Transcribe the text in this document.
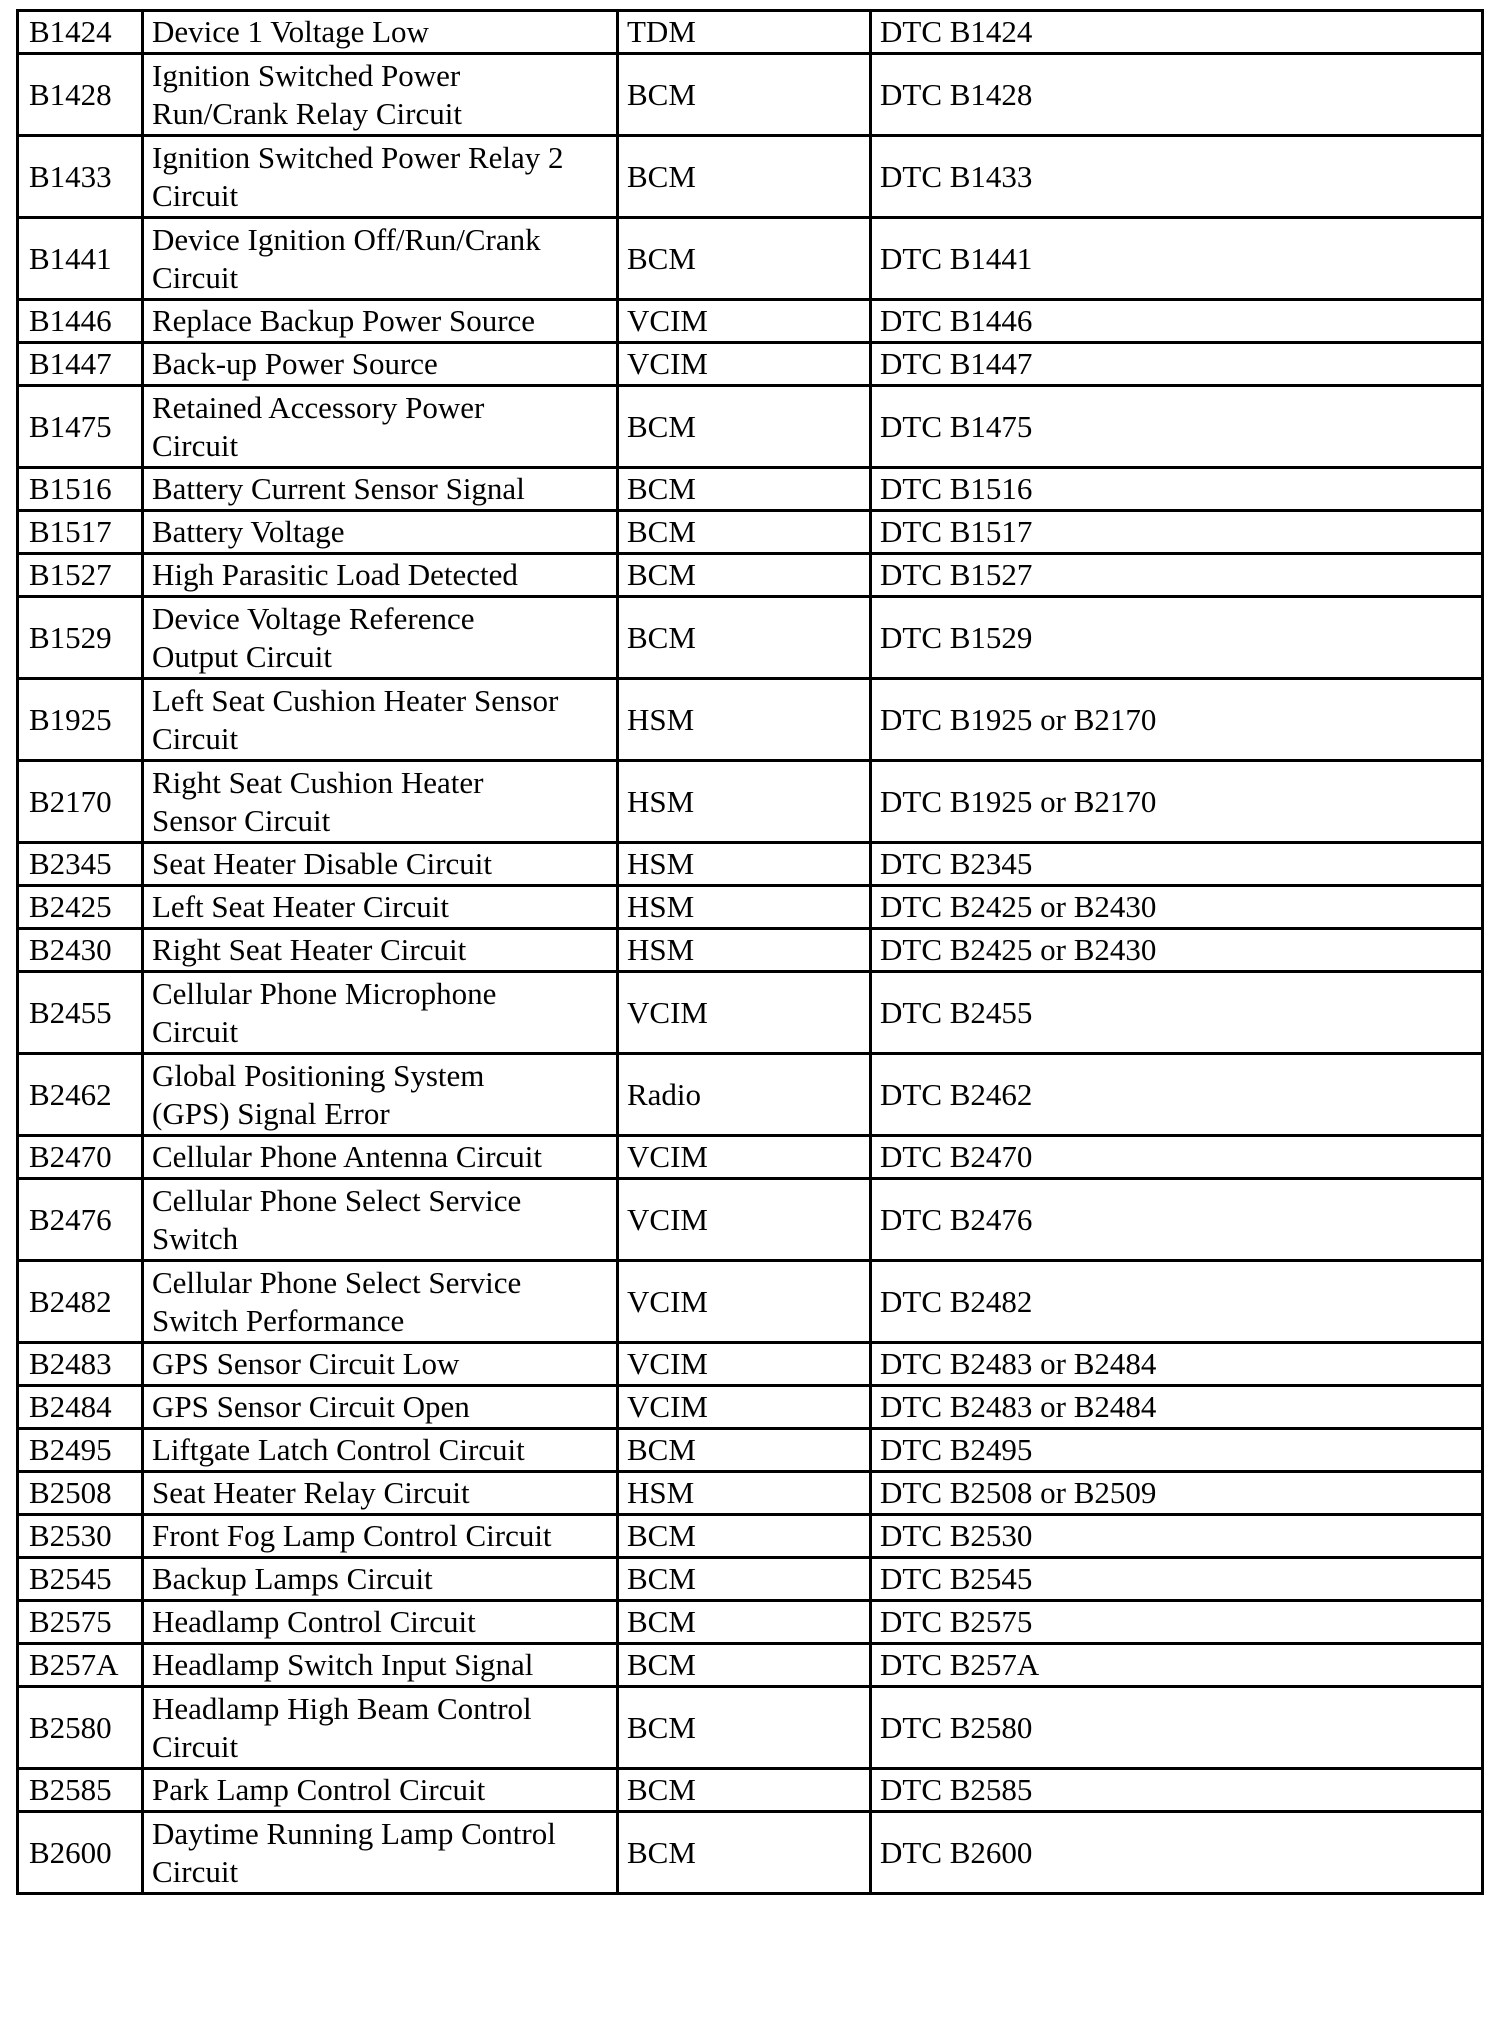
B1424	Device 1 Voltage Low	TDM	DTC B1424
B1428	Ignition Switched Power
Run/Crank Relay Circuit	BCM	DTC B1428
B1433	Ignition Switched Power Relay 2
Circuit	BCM	DTC B1433
B1441	Device Ignition Off/Run/Crank
Circuit	BCM	DTC B1441
B1446	Replace Backup Power Source	VCIM	DTC B1446
B1447	Back-up Power Source	VCIM	DTC B1447
B1475	Retained Accessory Power
Circuit	BCM	DTC B1475
B1516	Battery Current Sensor Signal	BCM	DTC B1516
B1517	Battery Voltage	BCM	DTC B1517
B1527	High Parasitic Load Detected	BCM	DTC B1527
B1529	Device Voltage Reference
Output Circuit	BCM	DTC B1529
B1925	Left Seat Cushion Heater Sensor
Circuit	HSM	DTC B1925 or B2170
B2170	Right Seat Cushion Heater
Sensor Circuit	HSM	DTC B1925 or B2170
B2345	Seat Heater Disable Circuit	HSM	DTC B2345
B2425	Left Seat Heater Circuit	HSM	DTC B2425 or B2430
B2430	Right Seat Heater Circuit	HSM	DTC B2425 or B2430
B2455	Cellular Phone Microphone
Circuit	VCIM	DTC B2455
B2462	Global Positioning System
(GPS) Signal Error	Radio	DTC B2462
B2470	Cellular Phone Antenna Circuit	VCIM	DTC B2470
B2476	Cellular Phone Select Service
Switch	VCIM	DTC B2476
B2482	Cellular Phone Select Service
Switch Performance	VCIM	DTC B2482
B2483	GPS Sensor Circuit Low	VCIM	DTC B2483 or B2484
B2484	GPS Sensor Circuit Open	VCIM	DTC B2483 or B2484
B2495	Liftgate Latch Control Circuit	BCM	DTC B2495
B2508	Seat Heater Relay Circuit	HSM	DTC B2508 or B2509
B2530	Front Fog Lamp Control Circuit	BCM	DTC B2530
B2545	Backup Lamps Circuit	BCM	DTC B2545
B2575	Headlamp Control Circuit	BCM	DTC B2575
B257A	Headlamp Switch Input Signal	BCM	DTC B257A
B2580	Headlamp High Beam Control
Circuit	BCM	DTC B2580
B2585	Park Lamp Control Circuit	BCM	DTC B2585
B2600	Daytime Running Lamp Control
Circuit	BCM	DTC B2600
